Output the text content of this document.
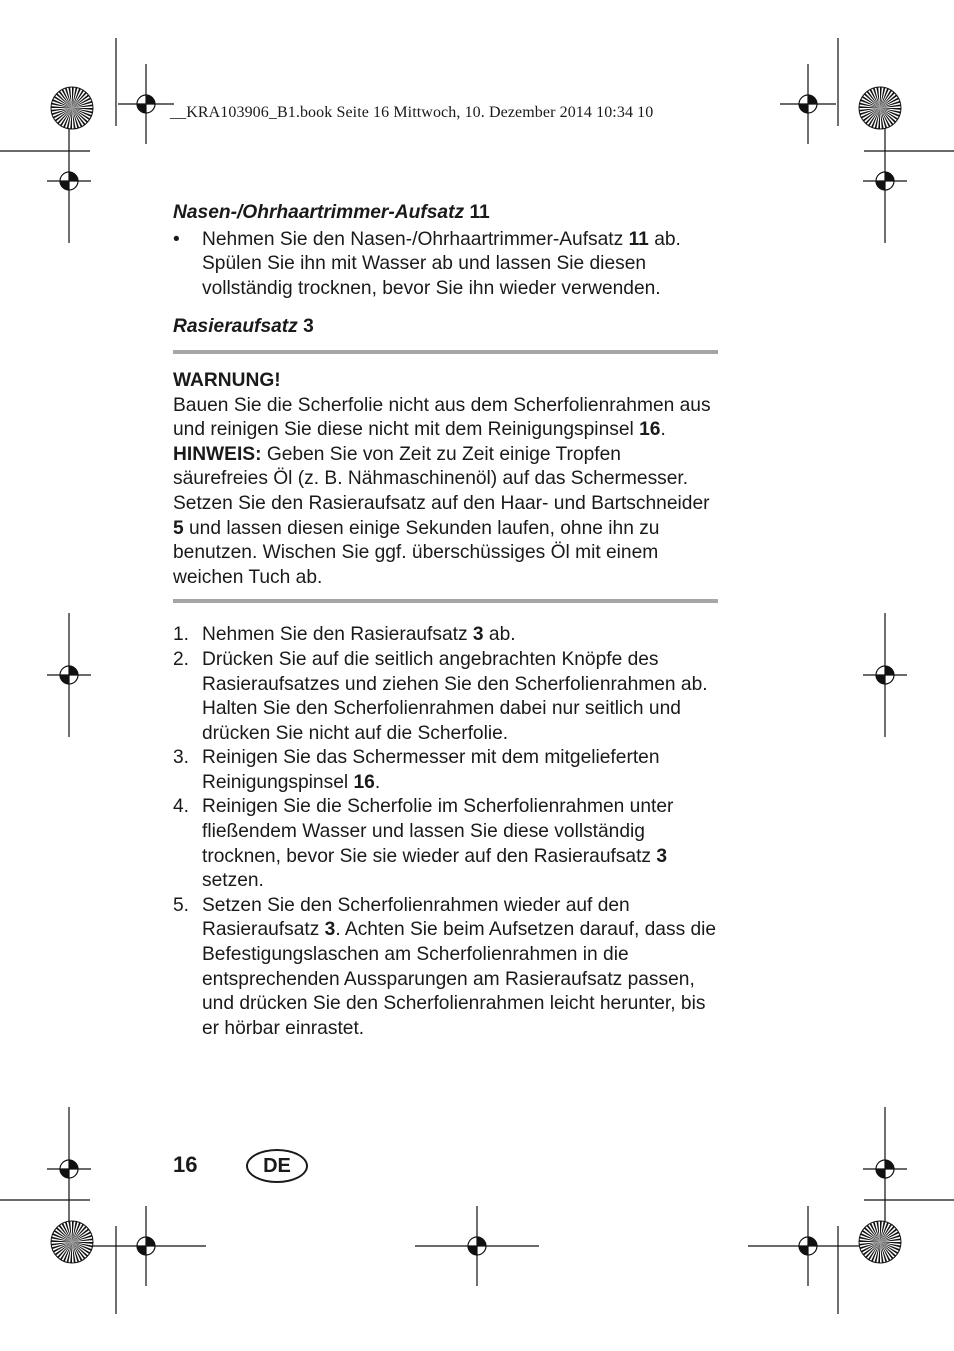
__KRA103906_B1.book Seite 16 Mittwoch, 10. Dezember 2014 10:34 10

Nasen-/Ohrhaartrimmer-Aufsatz 11

•	Nehmen Sie den Nasen-/Ohrhaartrimmer-Aufsatz 11 ab. Spülen Sie ihn mit Wasser ab und lassen Sie diesen vollständig trocknen, bevor Sie ihn wieder verwenden.

Rasieraufsatz 3

WARNUNG!
Bauen Sie die Scherfolie nicht aus dem Scherfolienrahmen aus und reinigen Sie diese nicht mit dem Reinigungspinsel 16.
HINWEIS: Geben Sie von Zeit zu Zeit einige Tropfen säurefreies Öl (z. B. Nähmaschinenöl) auf das Schermesser. Setzen Sie den Rasieraufsatz auf den Haar- und Bartschneider 5 und lassen diesen einige Sekunden laufen, ohne ihn zu benutzen. Wischen Sie ggf. überschüssiges Öl mit einem weichen Tuch ab.
1. Nehmen Sie den Rasieraufsatz 3 ab.
2. Drücken Sie auf die seitlich angebrachten Knöpfe des Rasieraufsatzes und ziehen Sie den Scherfolienrahmen ab. Halten Sie den Scherfolienrahmen dabei nur seitlich und drücken Sie nicht auf die Scherfolie.
3. Reinigen Sie das Schermesser mit dem mitgelieferten Reinigungspinsel 16.
4. Reinigen Sie die Scherfolie im Scherfolienrahmen unter fließendem Wasser und lassen Sie diese vollständig trocknen, bevor Sie sie wieder auf den Rasieraufsatz 3 setzen.
5. Setzen Sie den Scherfolienrahmen wieder auf den Rasieraufsatz 3. Achten Sie beim Aufsetzen darauf, dass die Befestigungslaschen am Scherfolienrahmen in die entsprechenden Aussparungen am Rasieraufsatz passen, und drücken Sie den Scherfolienrahmen leicht herunter, bis er hörbar einrastet.
16	DE
